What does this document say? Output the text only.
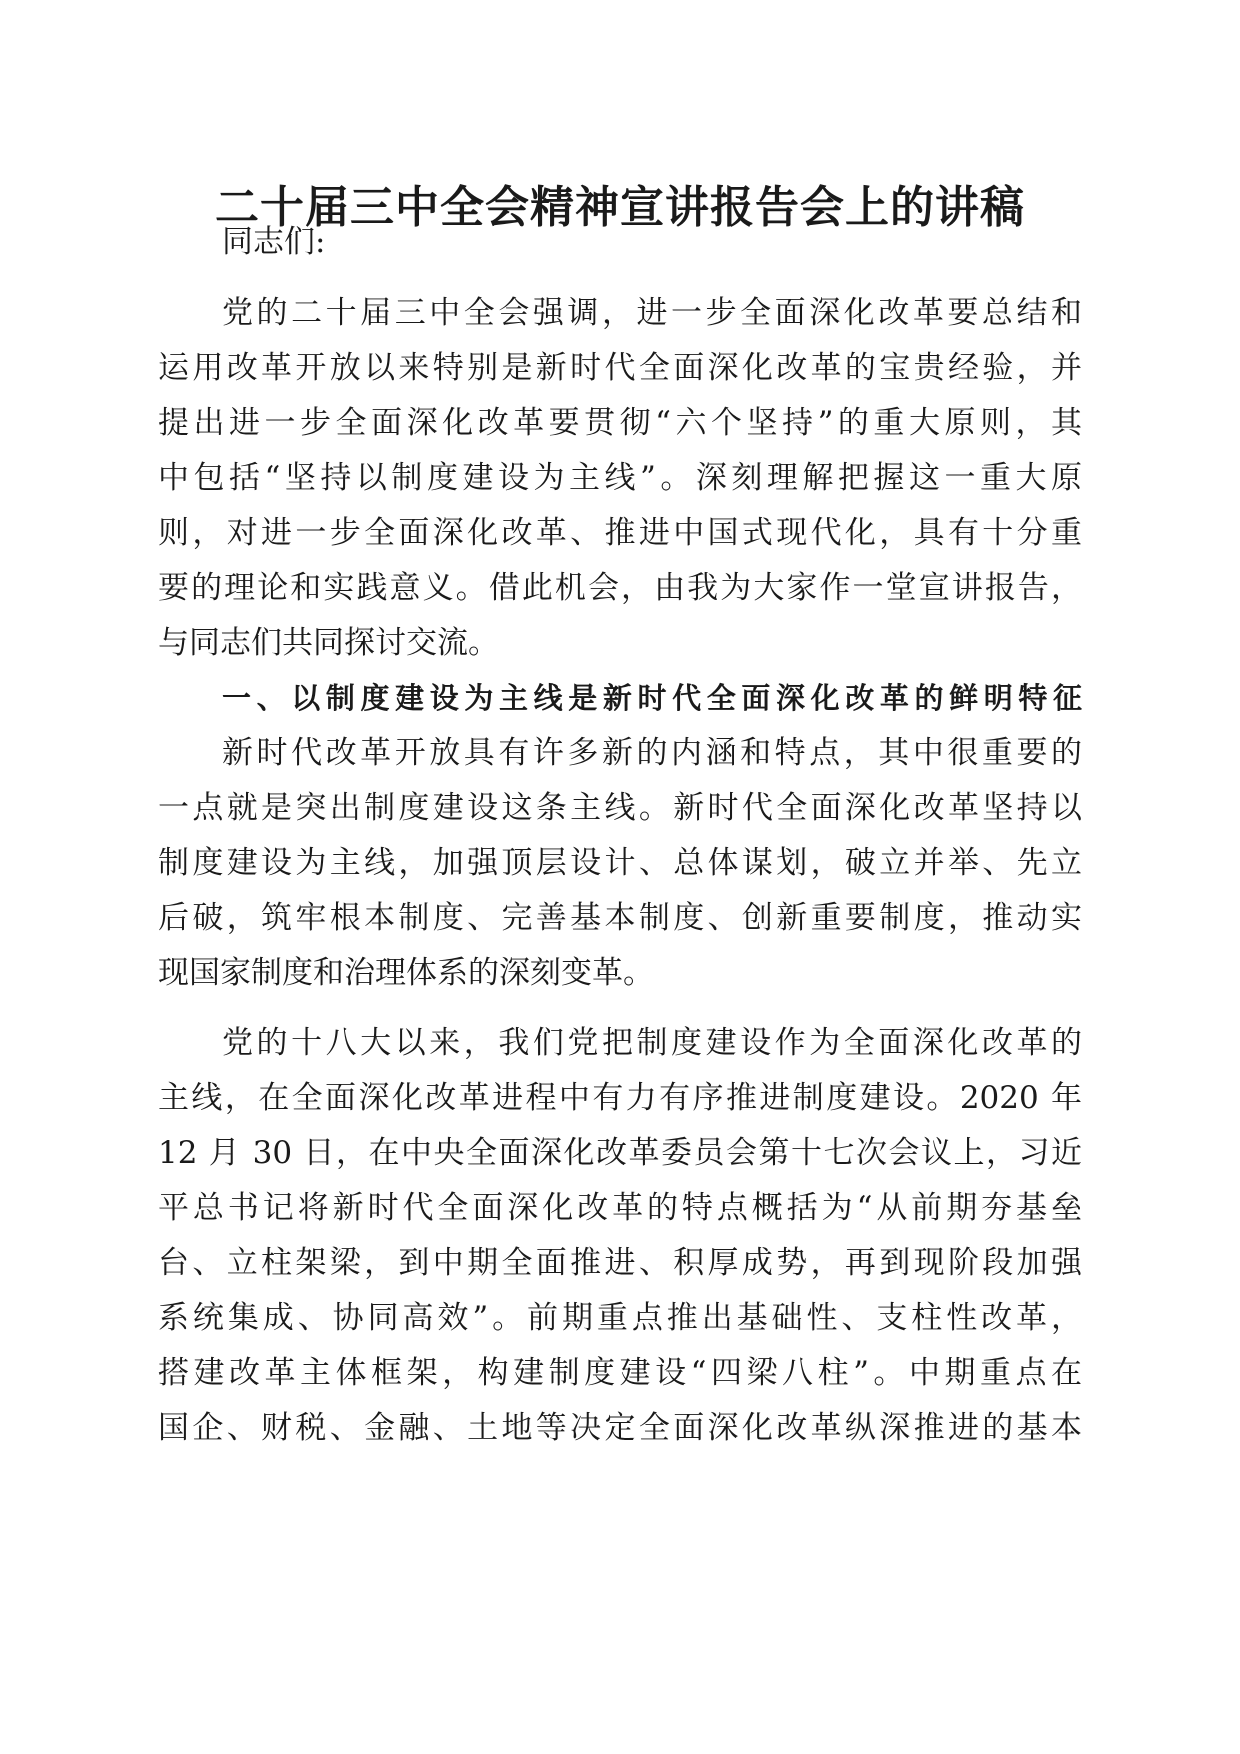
二十届三中全会精神宣讲报告会上的讲稿

同志们:

党的二十届三中全会强调，进一步全面深化改革要总结和

运用改革开放以来特别是新时代全面深化改革的宝贵经验，并

提出进一步全面深化改革要贯彻“六个坚持”的重大原则，其

中包括“坚持以制度建设为主线”。深刻理解把握这一重大原

则，对进一步全面深化改革、推进中国式现代化，具有十分重

要的理论和实践意义。借此机会，由我为大家作一堂宣讲报告，

与同志们共同探讨交流。

一、以制度建设为主线是新时代全面深化改革的鲜明特征

新时代改革开放具有许多新的内涵和特点，其中很重要的

一点就是突出制度建设这条主线。新时代全面深化改革坚持以

制度建设为主线，加强顶层设计、总体谋划，破立并举、先立

后破，筑牢根本制度、完善基本制度、创新重要制度，推动实

现国家制度和治理体系的深刻变革。

党的十八大以来，我们党把制度建设作为全面深化改革的

主线，在全面深化改革进程中有力有序推进制度建设。2020 年

12 月 30 日，在中央全面深化改革委员会第十七次会议上，习近

平总书记将新时代全面深化改革的特点概括为“从前期夯基垒

台、立柱架梁，到中期全面推进、积厚成势，再到现阶段加强

系统集成、协同高效”。前期重点推出基础性、支柱性改革，

搭建改革主体框架，构建制度建设“四梁八柱”。中期重点在

国企、财税、金融、土地等决定全面深化改革纵深推进的基本
